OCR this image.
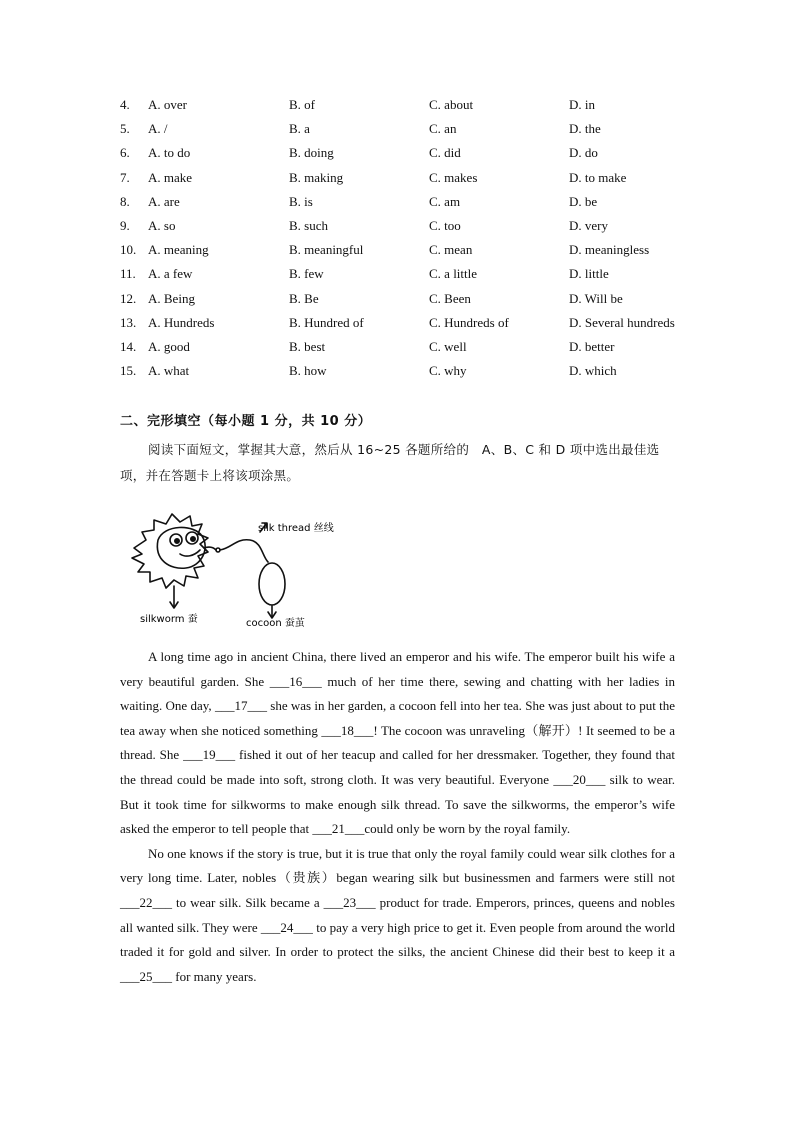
4.	A. over	B. of	C. about	D. in
5.	A. /	B. a	C. an	D. the
6.	A. to do	B. doing	C. did	D. do
7.	A. make	B. making	C. makes	D. to make
8.	A. are	B. is	C. am	D. be
9.	A. so	B. such	C. too	D. very
10. A. meaning	B. meaningful	C. mean	D. meaningless
11. A. a few	B. few	C. a little	D. little
12. A. Being	B. Be	C. Been	D. Will be
13. A. Hundreds	B. Hundred of	C. Hundreds of	D. Several hundreds
14. A. good	B. best	C. well	D. better
15. A. what	B. how	C. why	D. which
二、完形填空（每小题 1 分，共 10 分）
阅读下面短文，掌握其大意，然后从 16~25 各题所给的　A、B、C 和 D 项中选出最佳选项，并在答题卡上将该项涂黑。
silk thread 丝线
silkworm 蚕	cocoon 蚕茧

A long time ago in ancient China, there lived an emperor and his wife. The emperor built his wife a very beautiful garden. She ___16___ much of her time there, sewing and chatting with her ladies in waiting. One day, ___17___ she was in her garden, a cocoon fell into her tea. She was just about to put the tea away when she noticed something ___18___! The cocoon was unraveling（解开）! It seemed to be a thread. She ___19___ fished it out of her teacup and called for her dressmaker. Together, they found that the thread could be made into soft, strong cloth. It was very beautiful. Everyone ___20___ silk to wear. But it took time for silkworms to make enough silk thread. To save the silkworms, the emperor’s wife asked the emperor to tell people that ___21___could only be worn by the royal family.

No one knows if the story is true, but it is true that only the royal family could wear silk clothes for a very long time. Later, nobles（贵族）began wearing silk but businessmen and farmers were still not ___22___ to wear silk. Silk became a ___23___ product for trade. Emperors, princes, queens and nobles all wanted silk. They were ___24___ to pay a very high price to get it. Even people from around the world traded it for gold and silver. In order to protect the silks, the ancient Chinese did their best to keep it a ___25___ for many years.
